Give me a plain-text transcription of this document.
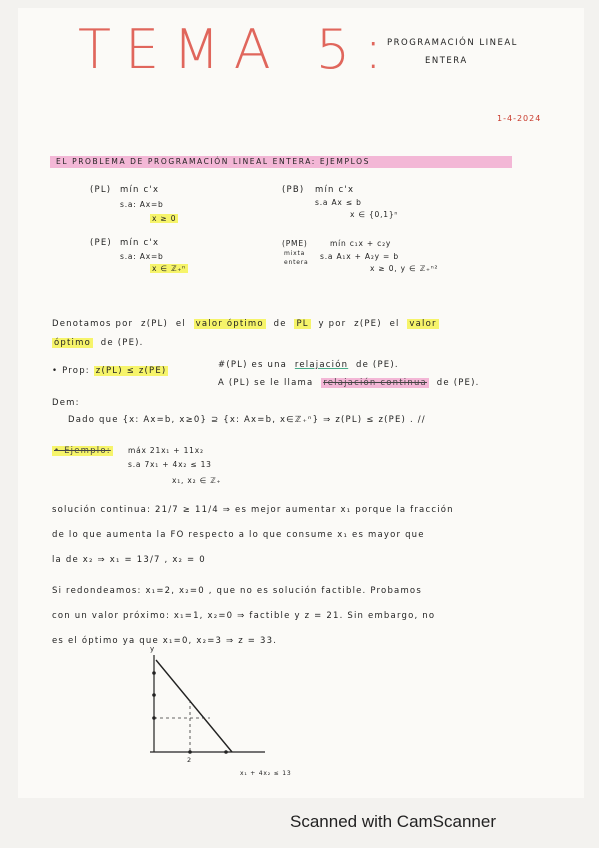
TEMA 5:
PROGRAMACIÓN LINEAL
ENTERA
1-4-2024
EL PROBLEMA DE PROGRAMACIÓN LINEAL ENTERA: EJEMPLOS
(PL) mín c'x
s.a: Ax=b
x ≥ 0
(PB) mín c'x
s.a Ax ≤ b
x ∈ {0,1}ⁿ
(PE) mín c'x
s.a: Ax=b
x ∈ ℤ₊ⁿ
(PME)
mixta
entera
mín c₁x + c₂y
s.a A₁x + A₂y = b
x ≥ 0, y ∈ ℤ₊ⁿ²
Denotamos por z(PL) el valor óptimo de PL y por z(PE) el valor
óptimo de (PE).
• Prop: z(PL) ≤ z(PE)
#(PL) es una relajación de (PE).
A (PL) se le llama relajación continua de (PE).
Dem:
Dado que {x: Ax=b, x≥0} ⊇ {x: Ax=b, x∈ℤ₊ⁿ} ⇒ z(PL) ≤ z(PE) . //
• Ejemplo: máx 21x₁ + 11x₂
s.a 7x₁ + 4x₂ ≤ 13
x₁, x₂ ∈ ℤ₊
solución continua: 21/7 ≥ 11/4 ⇒ es mejor aumentar x₁ porque la fracción
de lo que aumenta la FO respecto a lo que consume x₁ es mayor que
la de x₂ ⇒ x₁ = 13/7 , x₂ = 0
Si redondeamos: x₁=2, x₂=0 , que no es solución factible. Probamos
con un valor próximo: x₁=1, x₂=0 ⇒ factible y z = 21. Sin embargo, no
es el óptimo ya que x₁=0, x₂=3 ⇒ z = 33.
y
2
x₁ + 4x₂ ≤ 13
Scanned with CamScanner
